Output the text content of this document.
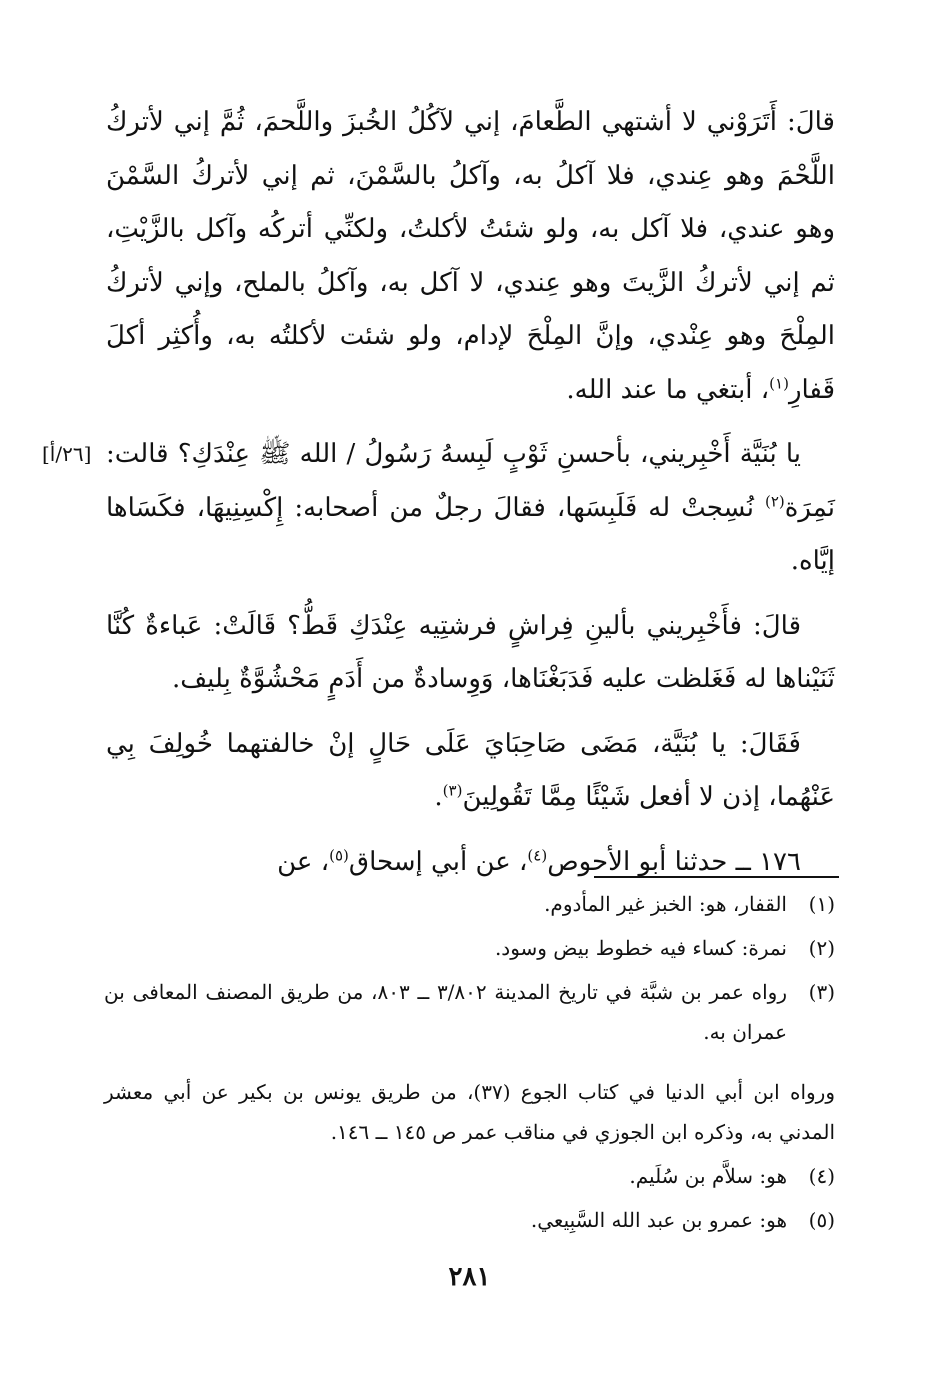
قالَ: أَتَرَوْني لا أشتهي الطَّعامَ، إني لآكُلُ الخُبزَ واللَّحمَ، ثُمَّ إني لأتركُ اللَّحْمَ وهو عِندي، فلا آكلُ به، وآكلُ بالسَّمْنَ، ثم إني لأتركُ السَّمْنَ وهو عندي، فلا آكل به، ولو شئتُ لأكلتُ، ولكنِّي أتركُه وآكل بالزَّيْتِ، ثم إني لأتركُ الزَّيتَ وهو عِندي، لا آكل به، وآكلُ بالملح، وإني لأتركُ المِلْحَ وهو عِنْدي، وإنَّ المِلْحَ لإدام، ولو شئت لأكلتُه به، وأُكثِر أكلَ قَفارِ$^{(١)}$، أبتغي ما عند الله.

[٢٦/أ] يا بُنَيَّة أَخْبِريني، بأحسنِ ثَوْبٍ لَبِسهُ رَسُولُ / الله ﷺ عِنْدَكِ؟ قالت: نَمِرَة$^{(٢)}$ نُسِجتْ له فَلَبِسَها، فقالَ رجلٌ من أصحابه: إِكْسِنِيهَا، فكَسَاها إيَّاه.

قالَ: فأَخْبِريني بألينِ فِراشٍ فرشتِيه عِنْدَكِ قَطُّ؟ قَالَتْ: عَباءةٌ كُنَّا ثَنَيْناها له فَغَلظت عليه فَدَبَغْنَاها، وَوِسادةٌ من أَدَمٍ مَحْشُوَّةٌ بِليف.

فَقَالَ: يا بُنَيَّة، مَضَى صَاحِبَايَ عَلَى حَالٍ إنْ خالفتهما خُولِفَ بِي عَنْهُما، إذن لا أفعل شَيْئًا مِمَّا تَقُولِينَ$^{(٣)}$.

١٧٦ ــ حدثنا أبو الأحوص$^{(٤)}$، عن أبي إسحاق$^{(٥)}$، عن

(١)
القفار، هو: الخبز غير المأدوم.

(٢)
نمرة: كساء فيه خطوط بيض وسود.

(٣)
رواه عمر بن شبَّة في تاريخ المدينة ٣/٨٠٢ ــ ٨٠٣، من طريق المصنف المعافى بن عمران به.

ورواه ابن أبي الدنيا في كتاب الجوع (٣٧)، من طريق يونس بن بكير عن أبي معشر المدني به، وذكره ابن الجوزي في مناقب عمر ص ١٤٥ ــ ١٤٦.

(٤)
هو: سلاَّم بن سُلَيم.

(٥)
هو: عمرو بن عبد الله السَّبِيعي.

٢٨١
